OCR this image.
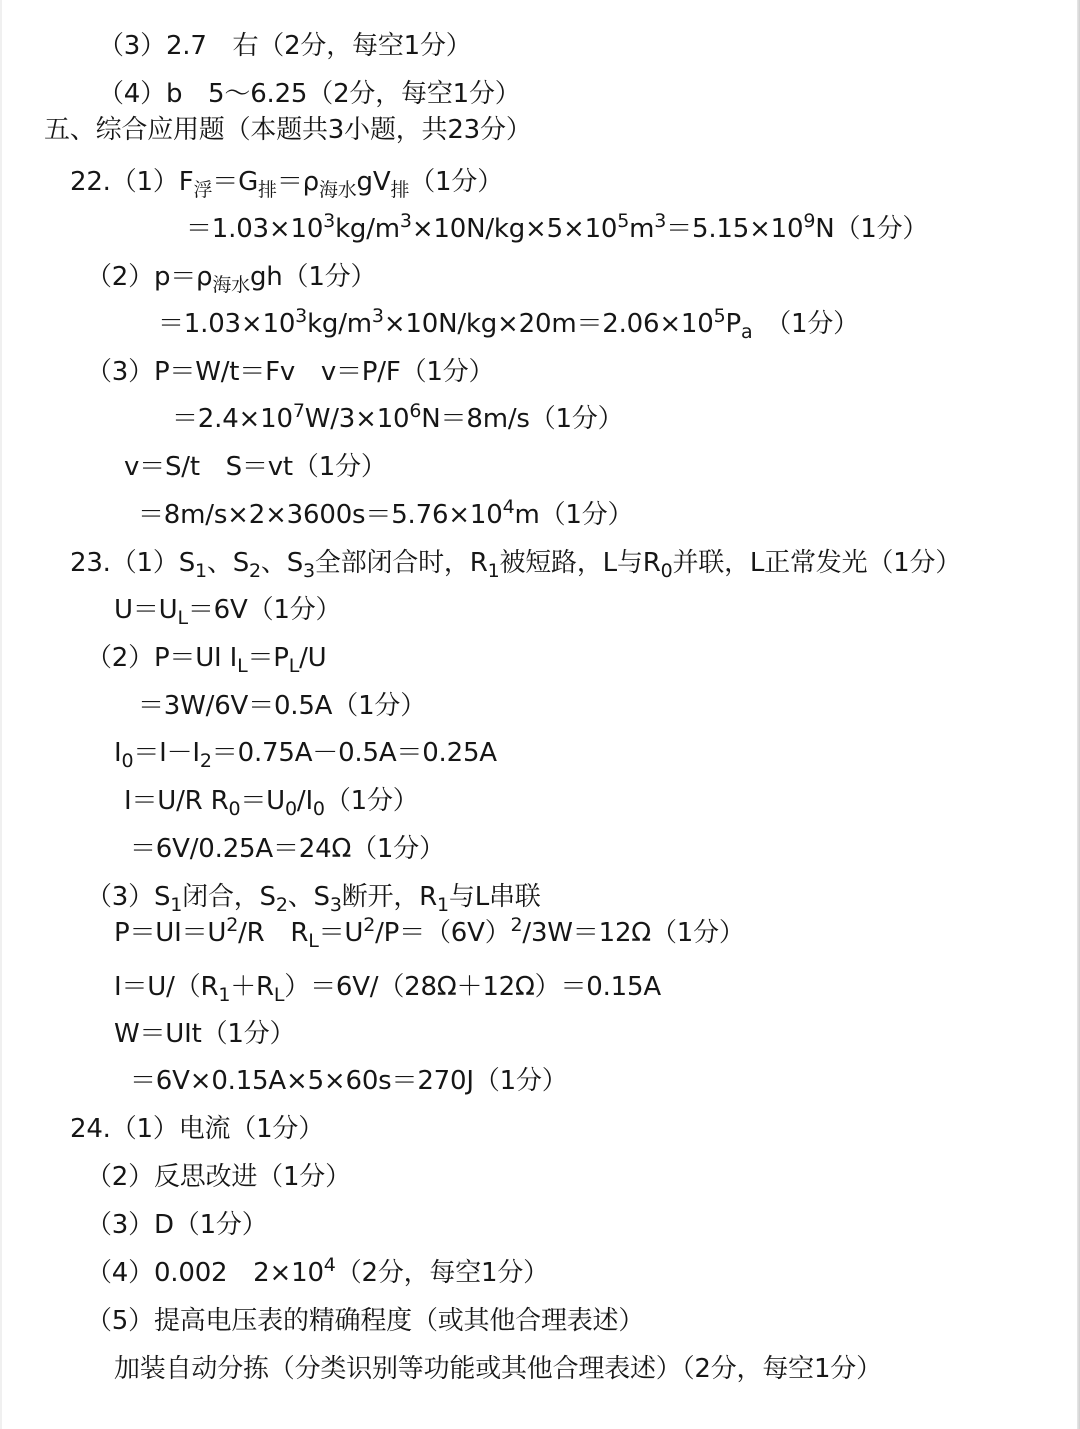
（3）2.7　右（2分，每空1分）
（4）b　5～6.25（2分，每空1分）
五、综合应用题（本题共3小题，共23分）
$22.(1)F_浮=G_排=\rho_{海水}gV_排(1$分）
$=1.03\times 10^3kg/m^3\times 10N/kg\times 5\times 10^5m^3=5.15\times 10^9N(1$分）
$(2)p=\rho_{海水}gh(1$分）
$=1.03\times 10^3kg/m^3\times 10N/kg\times 20m=2.06\times 10^5P_a$　（1分）
（3）P＝W/t＝Fv　v＝P/F（1分）
$=2.4\times 10^7W/3\times 10^6N=8m/s(1$分）
v＝S/t　S＝vt（1分）
$=8m/s\times 2\times 3600s=5.76\times 10^4m(1$分）
$23.(1)S_1$、$S_2$、$S_3$全部闭合时，$R_1$被短路，L与$R_0$并联，L正常发光（1分）
$U=U_L=6V(1$分）
（2）P＝UI $I_L=P_L/U$
＝3W/6V＝0.5A（1分）
$I_0=I-I_2=0.75A-0.5A=0.25A$
I＝U/R $R_0=U_0/I_0(1$分）
＝6V/0.25A＝24Ω（1分）
$(3)S_1$闭合，$S_2$、$S_3$断开，$R_1$与L串联
$P=UI=U^2/R$　$R_L=U^2/P=(6V)^2/3W=12\Omega(1$分）
$I=U/(R_1+R_L)=6V/(28\Omega+12\Omega)=0.15A$
W＝UIt（1分）
＝6V×0.15A×5×60s＝270J（1分）
24.（1）电流（1分）
（2）反思改进（1分）
（3）D（1分）
（4）0.002　$2\times 10^4(2$分，每空1分）
（5）提高电压表的精确程度（或其他合理表述）
加装自动分拣（分类识别等功能或其他合理表述）（2分，每空1分）
